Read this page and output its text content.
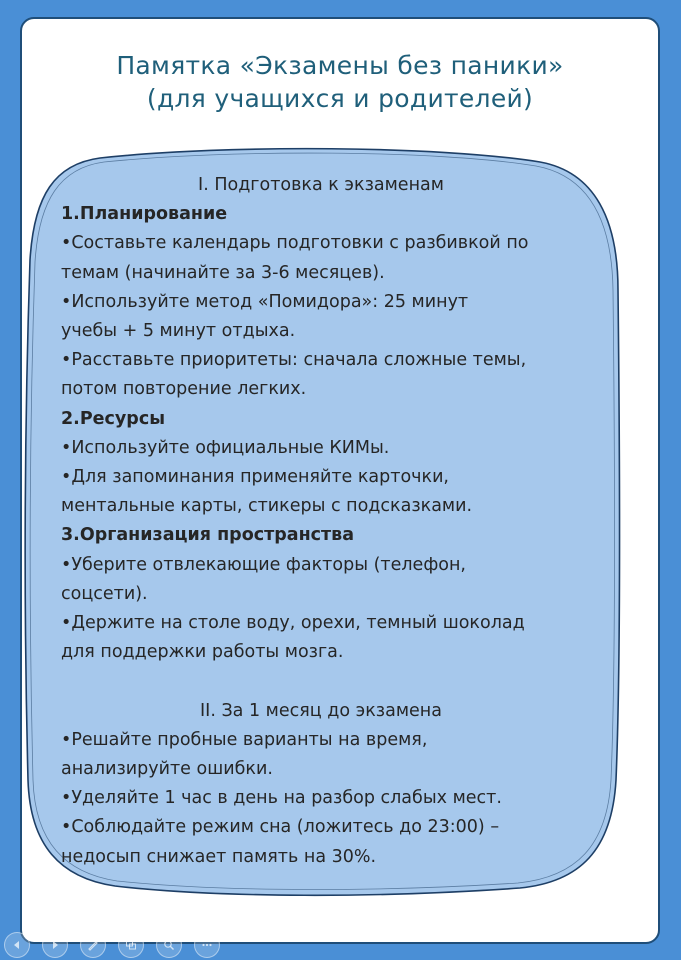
Памятка «Экзамены без паники»
(для учащихся и родителей)
I. Подготовка к экзаменам
1.Планирование
•Составьте календарь подготовки с разбивкой по
темам (начинайте за 3-6 месяцев).
•Используйте метод «Помидора»: 25 минут
учебы + 5 минут отдыха.
•Расставьте приоритеты: сначала сложные темы,
потом повторение легких.
2.Ресурсы
•Используйте официальные КИМы.
•Для запоминания применяйте карточки,
ментальные карты, стикеры с подсказками.
3.Организация пространства
•Уберите отвлекающие факторы (телефон,
соцсети).
•Держите на столе воду, орехи, темный шоколад
для поддержки работы мозга.
II. За 1 месяц до экзамена
•Решайте пробные варианты на время,
анализируйте ошибки.
•Уделяйте 1 час в день на разбор слабых мест.
•Соблюдайте режим сна (ложитесь до 23:00) –
недосып снижает память на 30%.
